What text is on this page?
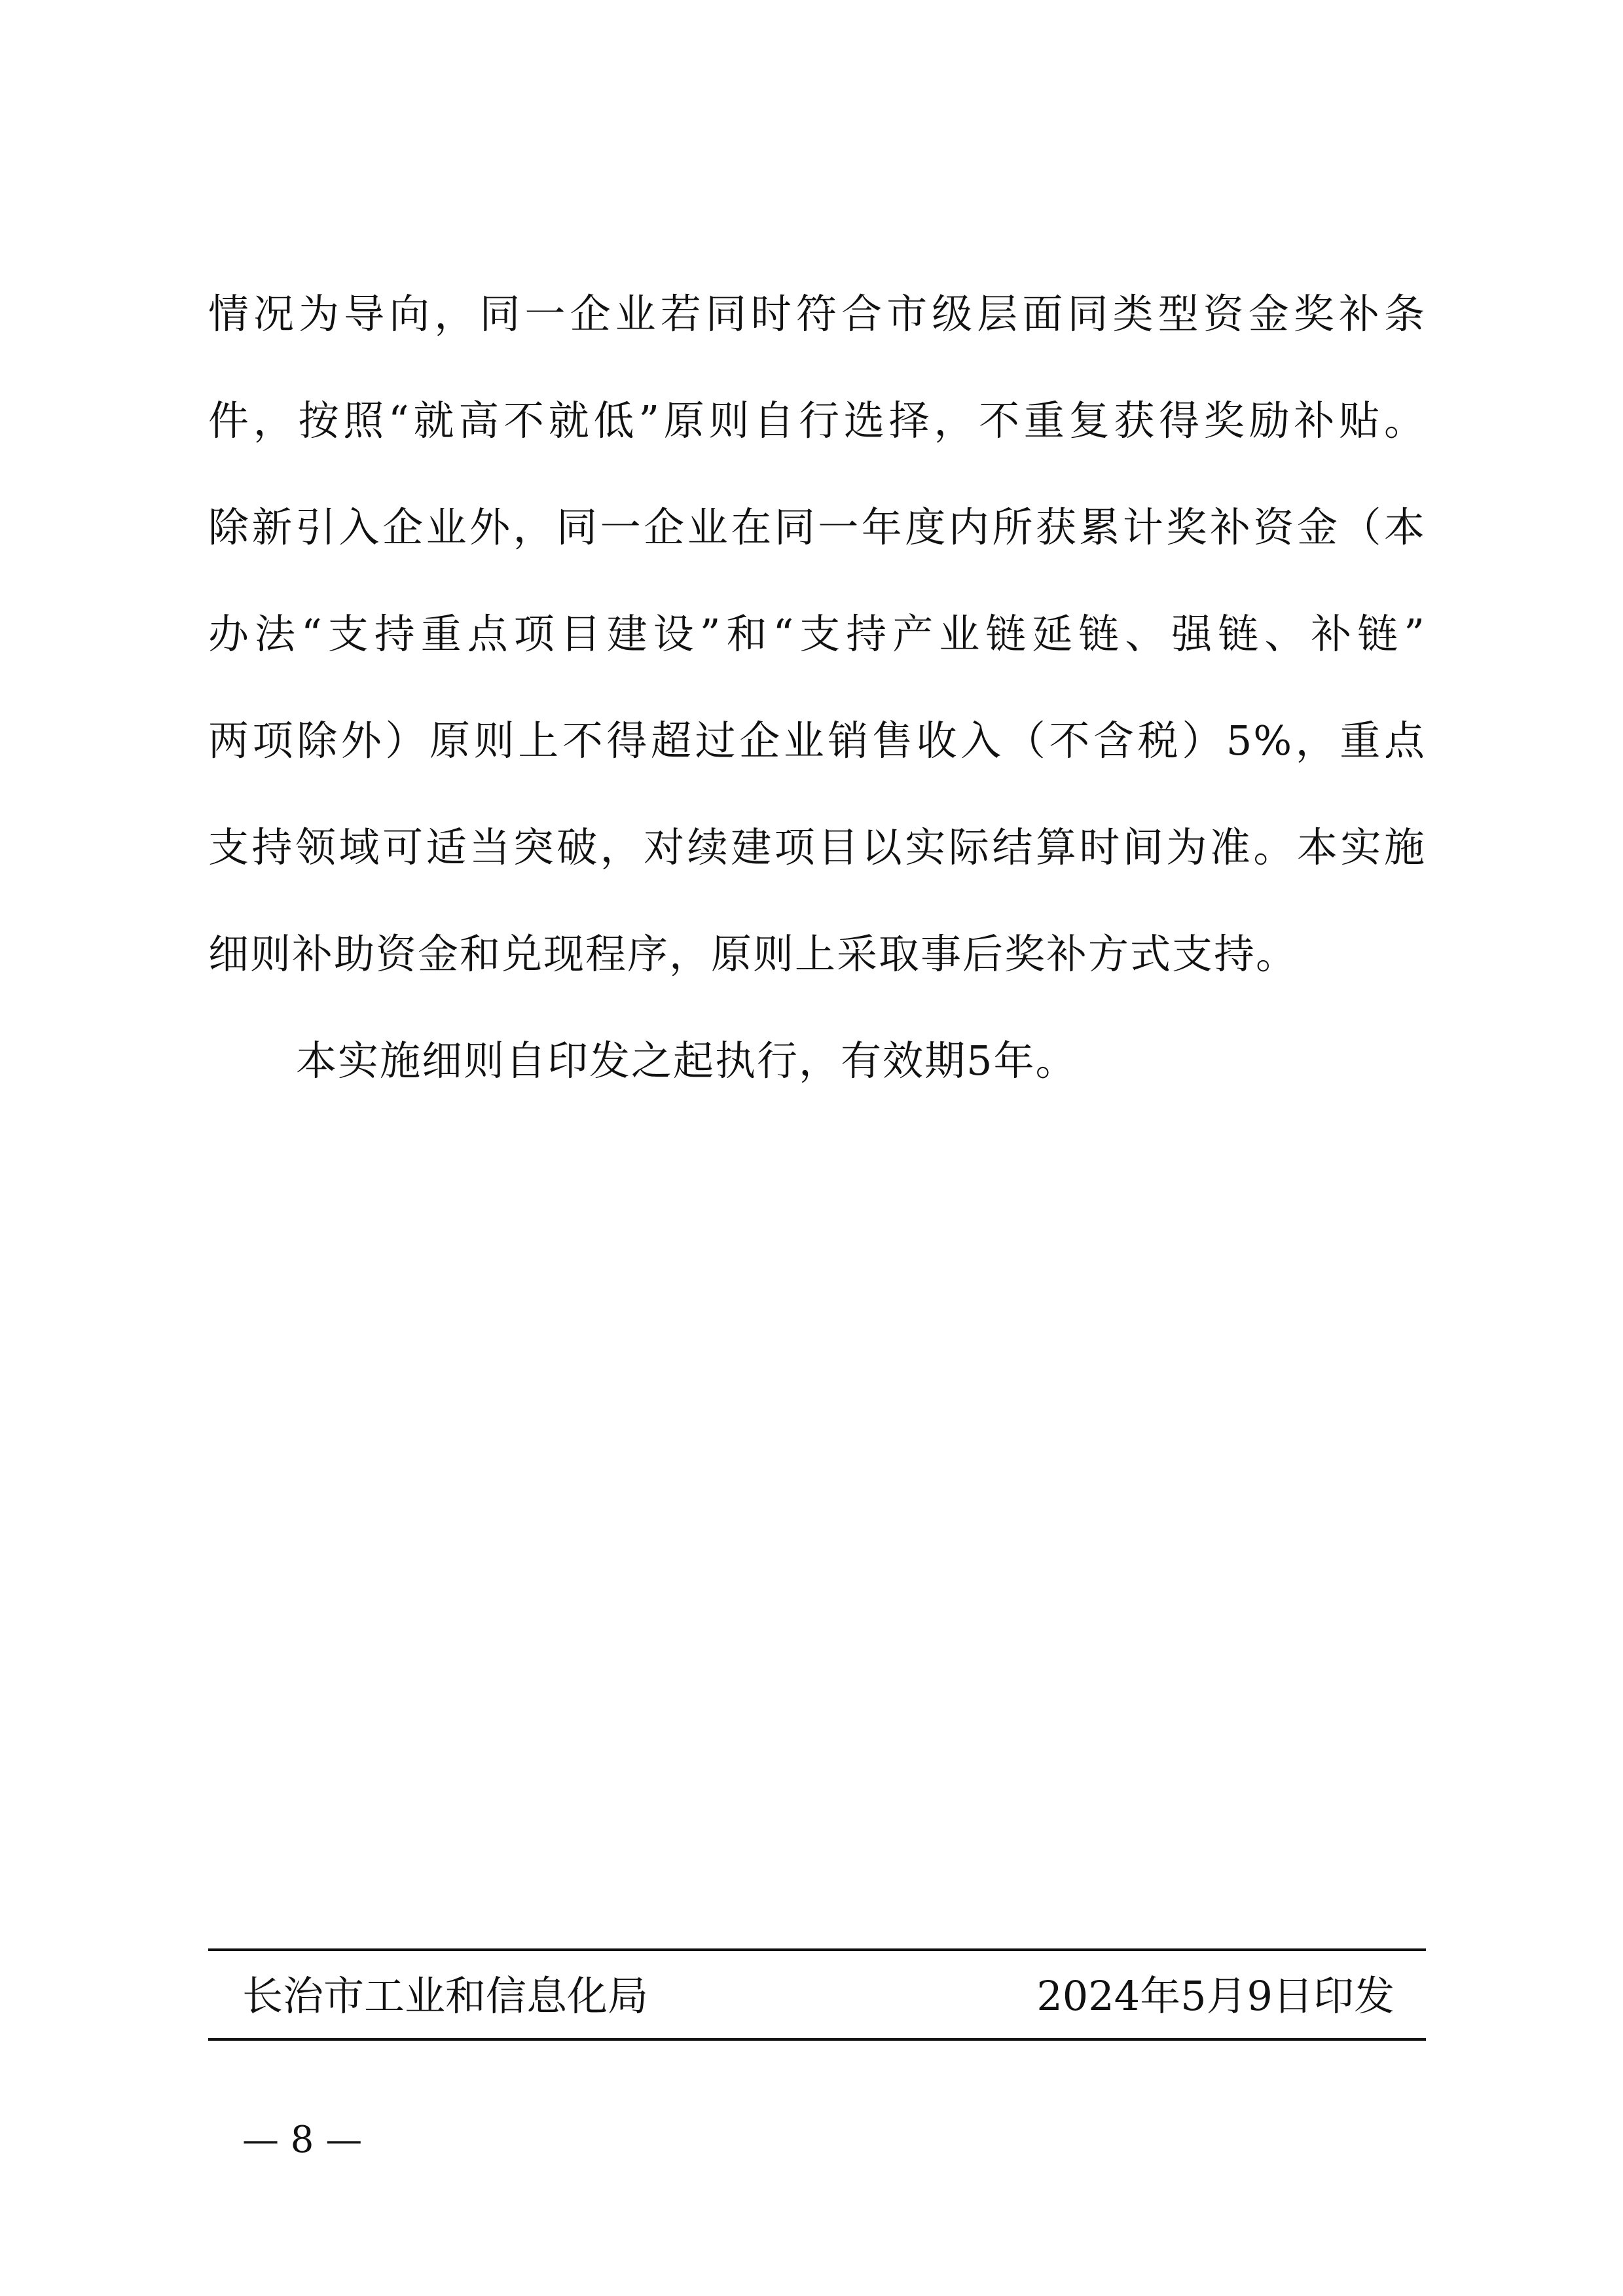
情况为导向，同一企业若同时符合市级层面同类型资金奖补条
件，按照“就高不就低”原则自行选择，不重复获得奖励补贴。
除新引入企业外，同一企业在同一年度内所获累计奖补资金（本
办法“支持重点项目建设”和“支持产业链延链、强链、补链”
两项除外）原则上不得超过企业销售收入（不含税）5%，重点
支持领域可适当突破，对续建项目以实际结算时间为准。本实施
细则补助资金和兑现程序，原则上采取事后奖补方式支持。
本实施细则自印发之起执行，有效期5年。
长治市工业和信息化局	2024年5月9日印发
— 8 —
